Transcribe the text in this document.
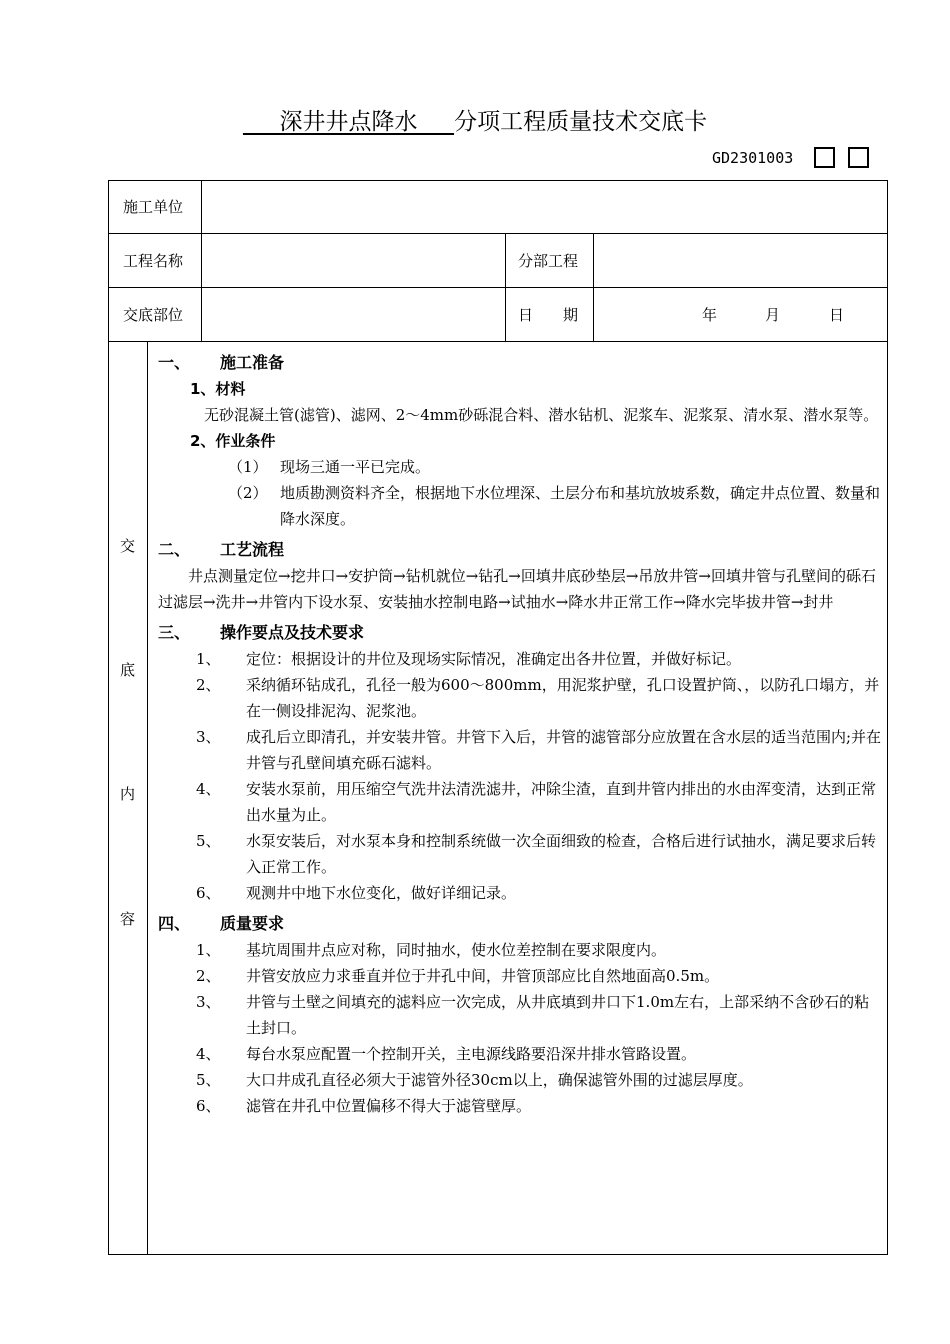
深井井点降水     分项工程质量技术交底卡
GD2301003
施工单位
工程名称	分部工程
交底部位	日　　期	年	月	日
交
底
内
容
一、	施工准备
1、材料
无砂混凝土管(滤管)、滤网、2～4mm砂砾混合料、潜水钻机、泥浆车、泥浆泵、清水泵、潜水泵等。
2、作业条件
（1） 现场三通一平已完成。
（2） 地质勘测资料齐全，根据地下水位埋深、土层分布和基坑放坡系数，确定井点位置、数量和降水深度。
二、	工艺流程
井点测量定位→挖井口→安护筒→钻机就位→钻孔→回填井底砂垫层→吊放井管→回填井管与孔壁间的砾石过滤层→洗井→井管内下设水泵、安装抽水控制电路→试抽水→降水井正常工作→降水完毕拔井管→封井
三、	操作要点及技术要求
1、	定位：根据设计的井位及现场实际情况，准确定出各井位置，并做好标记。
2、	采纳循环钻成孔，孔径一般为600～800mm，用泥浆护壁，孔口设置护筒、，以防孔口塌方，并在一侧设排泥沟、泥浆池。
3、	成孔后立即清孔，并安装井管。井管下入后，井管的滤管部分应放置在含水层的适当范围内;并在井管与孔壁间填充砾石滤料。
4、	安装水泵前，用压缩空气洗井法清洗滤井，冲除尘渣，直到井管内排出的水由浑变清，达到正常出水量为止。
5、	水泵安装后，对水泵本身和控制系统做一次全面细致的检查，合格后进行试抽水，满足要求后转入正常工作。
6、	观测井中地下水位变化，做好详细记录。
四、	质量要求
1、	基坑周围井点应对称，同时抽水，使水位差控制在要求限度内。
2、	井管安放应力求垂直并位于井孔中间，井管顶部应比自然地面高0.5m。
3、	井管与土壁之间填充的滤料应一次完成，从井底填到井口下1.0m左右，上部采纳不含砂石的粘土封口。
4、	每台水泵应配置一个控制开关，主电源线路要沿深井排水管路设置。
5、	大口井成孔直径必须大于滤管外径30cm以上，确保滤管外围的过滤层厚度。
6、	滤管在井孔中位置偏移不得大于滤管壁厚。
